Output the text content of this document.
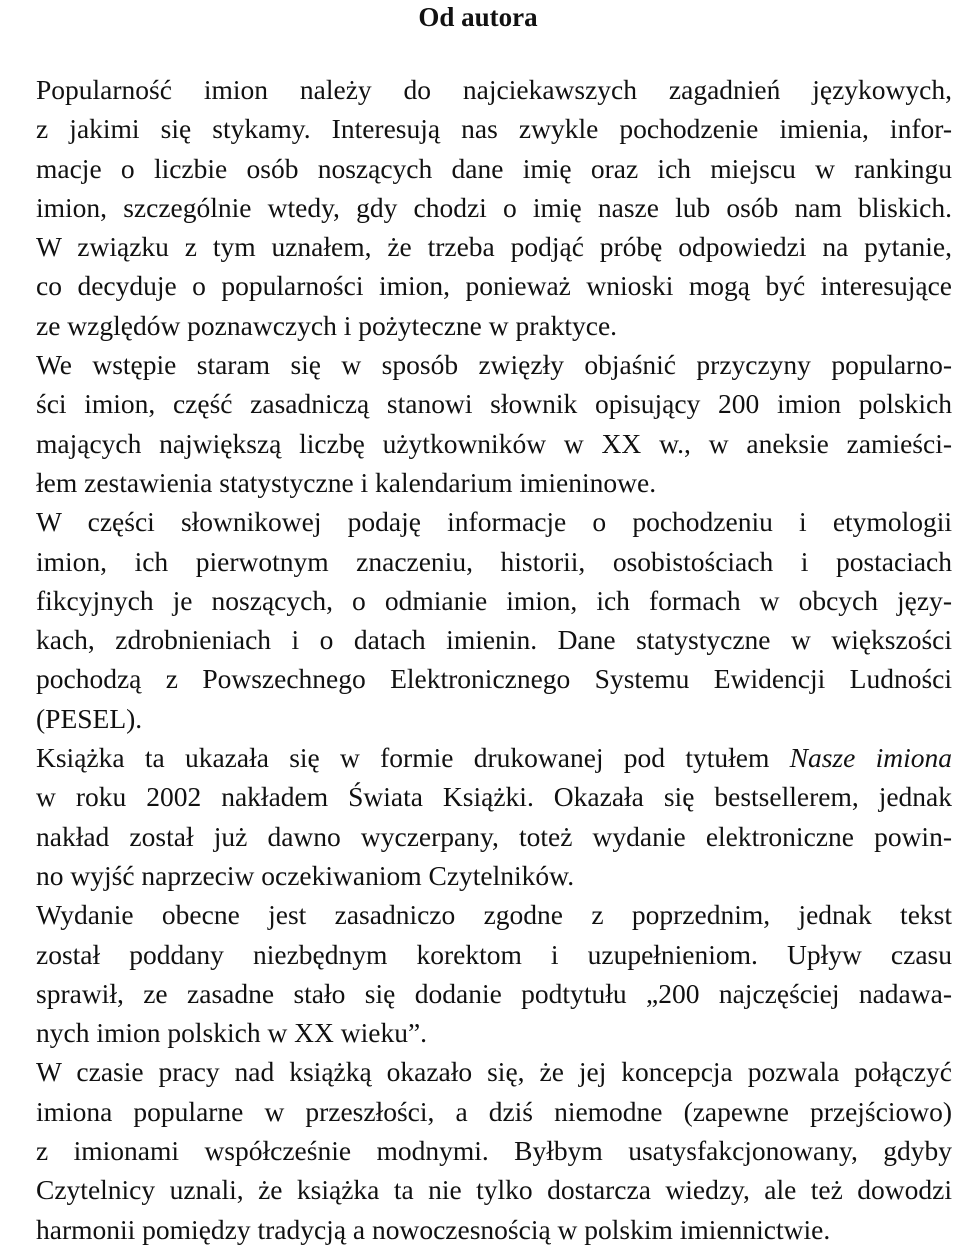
Od autora

Popularność imion należy do najciekawszych zagadnień językowych,
z jakimi się stykamy. Interesują nas zwykle pochodzenie imienia, infor-
macje o liczbie osób noszących dane imię oraz ich miejscu w rankingu
imion, szczególnie wtedy, gdy chodzi o imię nasze lub osób nam bliskich.
W związku z tym uznałem, że trzeba podjąć próbę odpowiedzi na pytanie,
co decyduje o popularności imion, ponieważ wnioski mogą być interesujące
ze względów poznawczych i pożyteczne w praktyce.

We wstępie staram się w sposób zwięzły objaśnić przyczyny popularno-
ści imion, część zasadniczą stanowi słownik opisujący 200 imion polskich
mających największą liczbę użytkowników w XX w., w aneksie zamieści-
łem zestawienia statystyczne i kalendarium imieninowe.

W części słownikowej podaję informacje o pochodzeniu i etymologii
imion, ich pierwotnym znaczeniu, historii, osobistościach i postaciach
fikcyjnych je noszących, o odmianie imion, ich formach w obcych języ-
kach, zdrobnieniach i o datach imienin. Dane statystyczne w większości
pochodzą z Powszechnego Elektronicznego Systemu Ewidencji Ludności
(PESEL).

Książka ta ukazała się w formie drukowanej pod tytułem Nasze imiona
w roku 2002 nakładem Świata Książki. Okazała się bestsellerem, jednak
nakład został już dawno wyczerpany, toteż wydanie elektroniczne powin-
no wyjść naprzeciw oczekiwaniom Czytelników.

Wydanie obecne jest zasadniczo zgodne z poprzednim, jednak tekst
został poddany niezbędnym korektom i uzupełnieniom. Upływ czasu
sprawił, ze zasadne stało się dodanie podtytułu „200 najczęściej nadawa-
nych imion polskich w XX wieku”.

W czasie pracy nad książką okazało się, że jej koncepcja pozwala połączyć
imiona popularne w przeszłości, a dziś niemodne (zapewne przejściowo)
z imionami współcześnie modnymi. Byłbym usatysfakcjonowany, gdyby
Czytelnicy uznali, że książka ta nie tylko dostarcza wiedzy, ale też dowodzi
harmonii pomiędzy tradycją a nowoczesnością w polskim imiennictwie.
